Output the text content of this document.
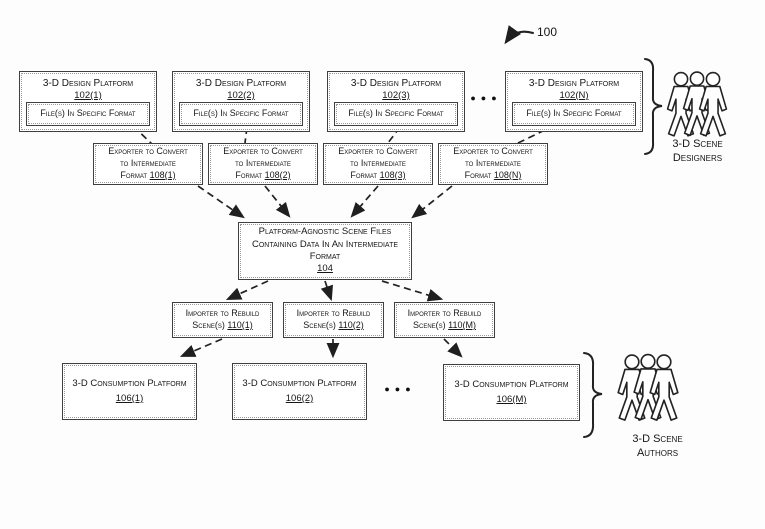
3-D Design Platform
102(1)
File(s) In Specific Format
3-D Design Platform
102(2)
File(s) In Specific Format
3-D Design Platform
102(3)
File(s) In Specific Format
3-D Design Platform
102(N)
File(s) In Specific Format
●●●
Exporter to Convert
to Intermediate
Format 108(1)
Exporter to Convert
to Intermediate
Format 108(2)
Exporter to Convert
to Intermediate
Format 108(3)
Exporter to Convert
to Intermediate
Format 108(N)
Platform-Agnostic Scene Files
Containing Data In An Intermediate
Format
104
Importer to Rebuild
Scene(s) 110(1)
Importer to Rebuild
Scene(s) 110(2)
Importer to Rebuild
Scene(s) 110(M)
3-D Consumption Platform
106(1)
3-D Consumption Platform
106(2)
3-D Consumption Platform
106(M)
●●●
3-D Scene
Designers
3-D Scene
Authors
100
